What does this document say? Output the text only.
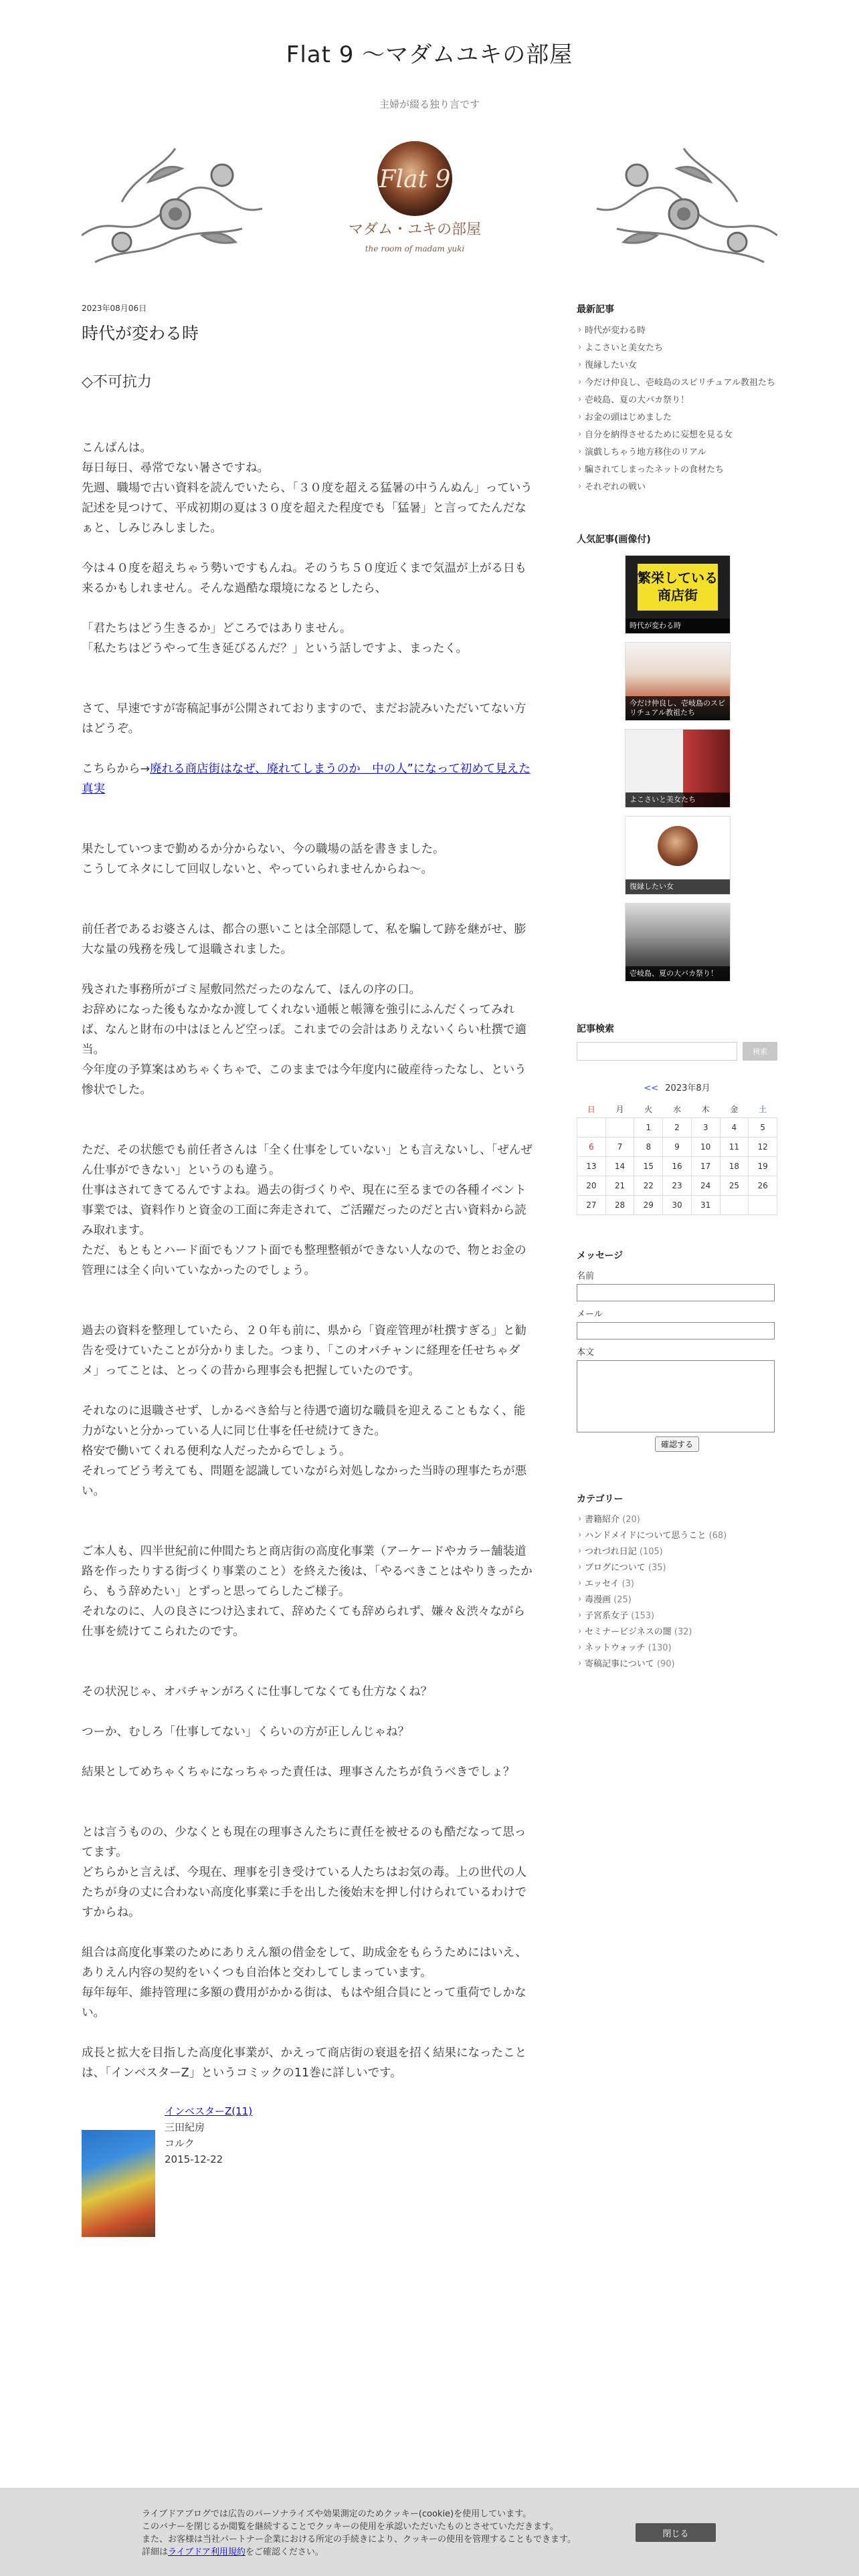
Flat 9 〜マダムユキの部屋
主婦が綴る独り言です
Flat 9
マダム・ユキの部屋
the room of madam yuki
2023年08月06日
時代が変わる時

◇不可抗力

こんばんは。

毎日毎日、尋常でない暑さですね。

先週、職場で古い資料を読んでいたら、「３０度を超える猛暑の中うんぬん」っていう記述を見つけて、平成初期の夏は３０度を超えた程度でも「猛暑」と言ってたんだなぁと、しみじみしました。

今は４０度を超えちゃう勢いですもんね。そのうち５０度近くまで気温が上がる日も来るかもしれません。そんな過酷な環境になるとしたら、

「君たちはどう生きるか」どころではありません。

「私たちはどうやって生き延びるんだ？」という話しですよ、まったく。

さて、早速ですが寄稿記事が公開されておりますので、まだお読みいただいてない方はどうぞ。

こちらから→廃れる商店街はなぜ、廃れてしまうのか　中の人”になって初めて見えた真実

果たしていつまで勤めるか分からない、今の職場の話を書きました。

こうしてネタにして回収しないと、やっていられませんからね〜。

前任者であるお婆さんは、都合の悪いことは全部隠して、私を騙して跡を継がせ、膨大な量の残務を残して退職されました。

残された事務所がゴミ屋敷同然だったのなんて、ほんの序の口。

お辞めになった後もなかなか渡してくれない通帳と帳簿を強引にふんだくってみれば、なんと財布の中はほとんど空っぽ。これまでの会計はありえないくらい杜撰で適当。

今年度の予算案はめちゃくちゃで、このままでは今年度内に破産待ったなし、という惨状でした。

ただ、その状態でも前任者さんは「全く仕事をしていない」とも言えないし、「ぜんぜん仕事ができない」というのも違う。

仕事はされてきてるんですよね。過去の街づくりや、現在に至るまでの各種イベント事業では、資料作りと資金の工面に奔走されて、ご活躍だったのだと古い資料から読み取れます。

ただ、もともとハード面でもソフト面でも整理整頓ができない人なので、物とお金の管理には全く向いていなかったのでしょう。

過去の資料を整理していたら、２０年も前に、県から「資産管理が杜撰すぎる」と勧告を受けていたことが分かりました。つまり、「このオバチャンに経理を任せちゃダメ」ってことは、とっくの昔から理事会も把握していたのです。

それなのに退職させず、しかるべき給与と待遇で適切な職員を迎えることもなく、能力がないと分かっている人に同じ仕事を任せ続けてきた。

格安で働いてくれる便利な人だったからでしょう。

それってどう考えても、問題を認識していながら対処しなかった当時の理事たちが悪い。

ご本人も、四半世紀前に仲間たちと商店街の高度化事業（アーケードやカラー舗装道路を作ったりする街づくり事業のこと）を終えた後は、「やるべきことはやりきったから、もう辞めたい」とずっと思ってらしたご様子。

それなのに、人の良さにつけ込まれて、辞めたくても辞められず、嫌々＆渋々ながら仕事を続けてこられたのです。

その状況じゃ、オバチャンがろくに仕事してなくても仕方なくね？

つーか、むしろ「仕事してない」くらいの方が正しんじゃね？

結果としてめちゃくちゃになっちゃった責任は、理事さんたちが負うべきでしょ？

とは言うものの、少なくとも現在の理事さんたちに責任を被せるのも酷だなって思ってます。

どちらかと言えば、今現在、理事を引き受けている人たちはお気の毒。上の世代の人たちが身の丈に合わない高度化事業に手を出した後始末を押し付けられているわけですからね。

組合は高度化事業のためにありえん額の借金をして、助成金をもらうためにはいえ、ありえん内容の契約をいくつも自治体と交わしてしまっています。

毎年毎年、維持管理に多額の費用がかかる街は、もはや組合員にとって重荷でしかない。

成長と拡大を目指した高度化事業が、かえって商店街の衰退を招く結果になったことは、「インベスターZ」というコミックの11巻に詳しいです。

インベスターZ(11)
三田紀房
コルク
2015-12-22
最新記事
› 時代が変わる時
› よこさいと美女たち
› 復縁したい女
› 今だけ仲良し、壱岐島のスピリチュアル教祖たち
› 壱岐島、夏の大バカ祭り！
› お金の頭はじめました
› 自分を納得させるために妄想を見る女
› 演戯しちゃう地方移住のリアル
› 騙されてしまったネットの食材たち
› それぞれの戦い
人気記事(画像付)
繁栄している商店街
時代が変わる時
今だけ仲良し、壱岐島のスピリチュアル教祖たち
よこさいと美女たち
復縁したい女
壱岐島、夏の大バカ祭り！
記事検索
検索
<< 2023年8月
日	月	火	水	木	金	土
		1	2	3	4	5
6	7	8	9	10	11	12
13	14	15	16	17	18	19
20	21	22	23	24	25	26
27	28	29	30	31		
メッセージ
名前
メール
本文
確認する
カテゴリー
› 書籍紹介 (20)
› ハンドメイドについて思うこと (68)
› つれづれ日記 (105)
› ブログについて (35)
› エッセイ (3)
› 毒漫画 (25)
› 子宮系女子 (153)
› セミナービジネスの闇 (32)
› ネットウォッチ (130)
› 寄稿記事について (90)
ライブドアブログでは広告のパーソナライズや効果測定のためクッキー(cookie)を使用しています。
このバナーを閉じるか閲覧を継続することでクッキーの使用を承認いただいたものとさせていただきます。
また、お客様は当社パートナー企業における所定の手続きにより、クッキーの使用を管理することもできます。
詳細はライブドア利用規約をご確認ください。
閉じる
